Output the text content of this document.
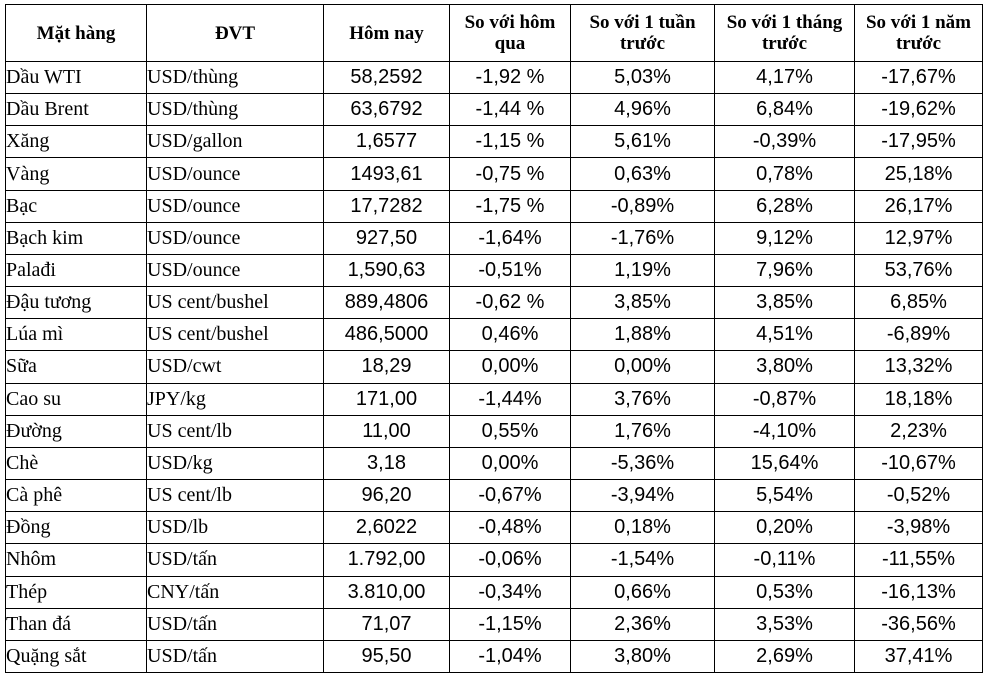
Mặt hàng	ĐVT	Hôm nay	So với hôm qua	So với 1 tuần trước	So với 1 tháng trước	So với 1 năm trước
Dầu WTI	USD/thùng	58,2592	-1,92 %	5,03%	4,17%	-17,67%
Dầu Brent	USD/thùng	63,6792	-1,44 %	4,96%	6,84%	-19,62%
Xăng	USD/gallon	1,6577	-1,15 %	5,61%	-0,39%	-17,95%
Vàng	USD/ounce	1493,61	-0,75 %	0,63%	0,78%	25,18%
Bạc	USD/ounce	17,7282	-1,75 %	-0,89%	6,28%	26,17%
Bạch kim	USD/ounce	927,50	-1,64%	-1,76%	9,12%	12,97%
Palađi	USD/ounce	1,590,63	-0,51%	1,19%	7,96%	53,76%
Đậu tương	US cent/bushel	889,4806	-0,62 %	3,85%	3,85%	6,85%
Lúa mì	US cent/bushel	486,5000	0,46%	1,88%	4,51%	-6,89%
Sữa	USD/cwt	18,29	0,00%	0,00%	3,80%	13,32%
Cao su	JPY/kg	171,00	-1,44%	3,76%	-0,87%	18,18%
Đường	US cent/lb	11,00	0,55%	1,76%	-4,10%	2,23%
Chè	USD/kg	3,18	0,00%	-5,36%	15,64%	-10,67%
Cà phê	US cent/lb	96,20	-0,67%	-3,94%	5,54%	-0,52%
Đồng	USD/lb	2,6022	-0,48%	0,18%	0,20%	-3,98%
Nhôm	USD/tấn	1.792,00	-0,06%	-1,54%	-0,11%	-11,55%
Thép	CNY/tấn	3.810,00	-0,34%	0,66%	0,53%	-16,13%
Than đá	USD/tấn	71,07	-1,15%	2,36%	3,53%	-36,56%
Quặng sắt	USD/tấn	95,50	-1,04%	3,80%	2,69%	37,41%
